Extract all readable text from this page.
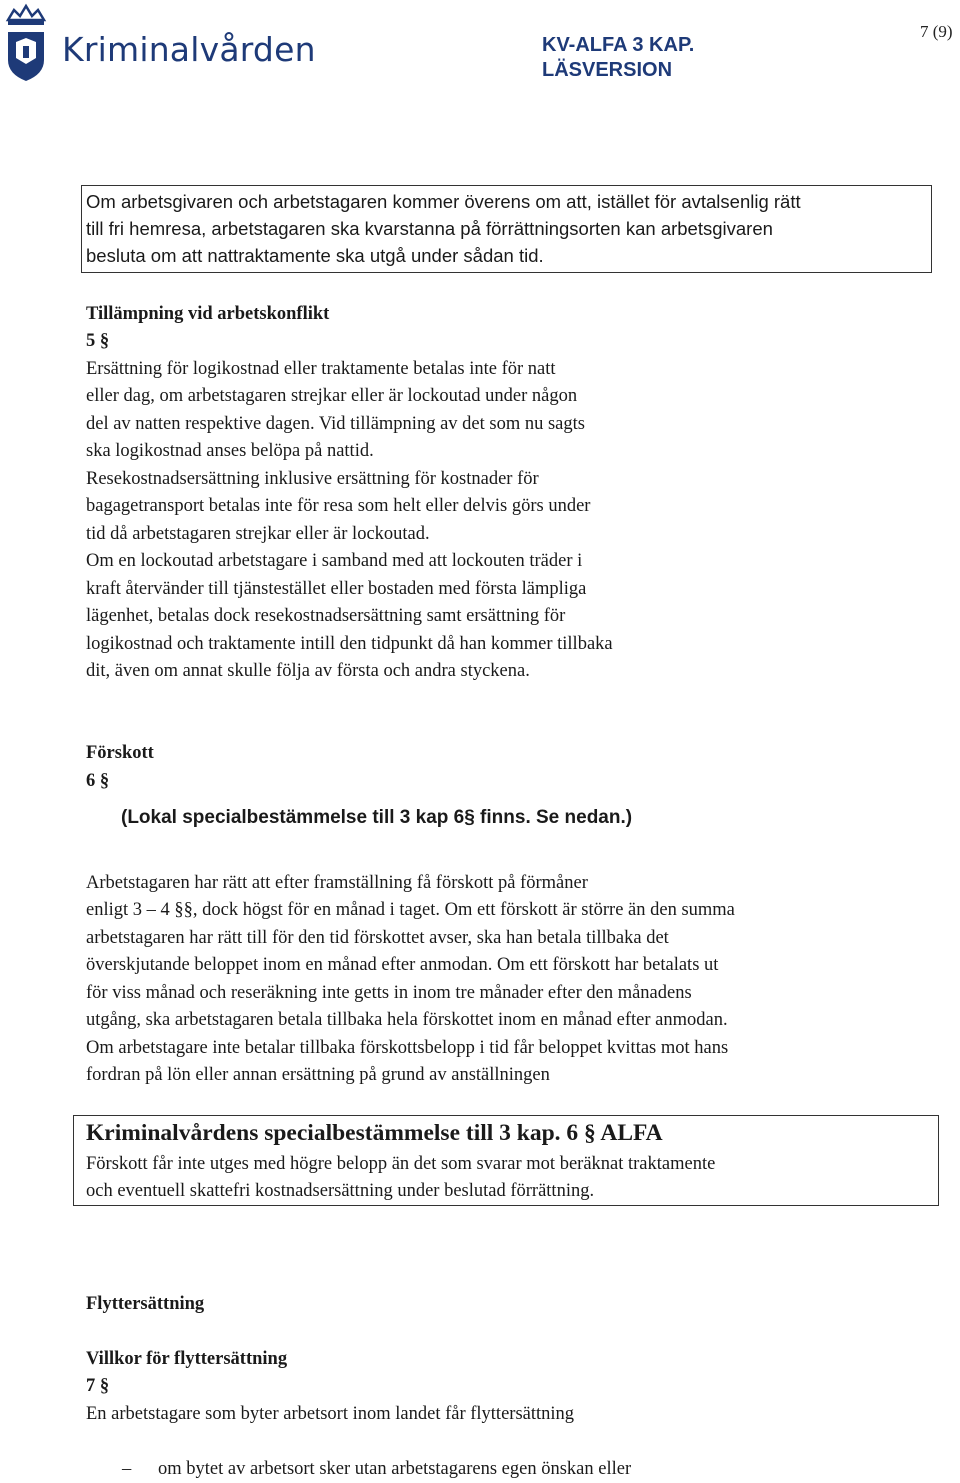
Kriminalvården	KV-ALFA 3 KAP.
LÄSVERSION
7 (9)
Om arbetsgivaren och arbetstagaren kommer överens om att, istället för avtalsenlig rätt
till fri hemresa, arbetstagaren ska kvarstanna på förrättningsorten kan arbetsgivaren
besluta om att nattraktamente ska utgå under sådan tid.
Tillämpning vid arbetskonflikt
5 §
Ersättning för logikostnad eller traktamente betalas inte för natt
eller dag, om arbetstagaren strejkar eller är lockoutad under någon
del av natten respektive dagen. Vid tillämpning av det som nu sagts
ska logikostnad anses belöpa på nattid.
Resekostnadsersättning inklusive ersättning för kostnader för
bagagetransport betalas inte för resa som helt eller delvis görs under
tid då arbetstagaren strejkar eller är lockoutad.
Om en lockoutad arbetstagare i samband med att lockouten träder i
kraft återvänder till tjänstestället eller bostaden med första lämpliga
lägenhet, betalas dock resekostnadsersättning samt ersättning för
logikostnad och traktamente intill den tidpunkt då han kommer tillbaka
dit, även om annat skulle följa av första och andra styckena.
Förskott
6 §
(Lokal specialbestämmelse till 3 kap 6§ finns. Se nedan.)
Arbetstagaren har rätt att efter framställning få förskott på förmåner
enligt 3 – 4 §§, dock högst för en månad i taget. Om ett förskott är större än den summa
arbetstagaren har rätt till för den tid förskottet avser, ska han betala tillbaka det
överskjutande beloppet inom en månad efter anmodan. Om ett förskott har betalats ut
för viss månad och reseräkning inte getts in inom tre månader efter den månadens
utgång, ska arbetstagaren betala tillbaka hela förskottet inom en månad efter anmodan.
Om arbetstagare inte betalar tillbaka förskottsbelopp i tid får beloppet kvittas mot hans
fordran på lön eller annan ersättning på grund av anställningen
Kriminalvårdens specialbestämmelse till 3 kap. 6 § ALFA
Förskott får inte utges med högre belopp än det som svarar mot beräknat traktamente
och eventuell skattefri kostnadsersättning under beslutad förrättning.
Flyttersättning
Villkor för flyttersättning
7 §
En arbetstagare som byter arbetsort inom landet får flyttersättning
– om bytet av arbetsort sker utan arbetstagarens egen önskan eller
